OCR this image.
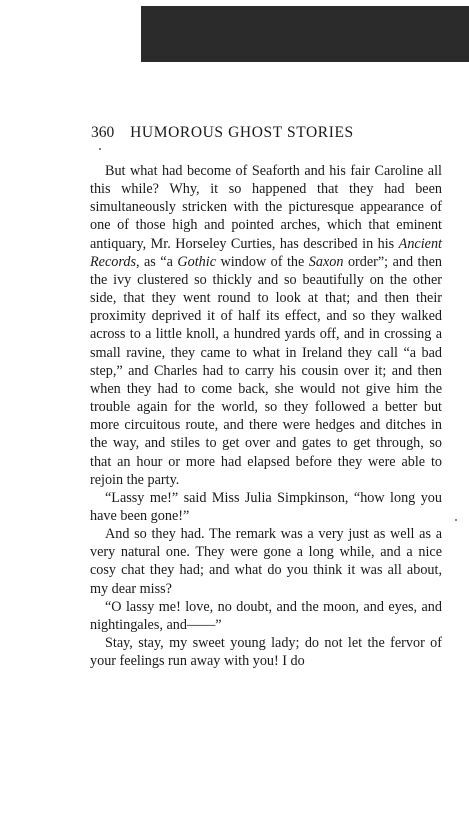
360 HUMOROUS GHOST STORIES

But what had become of Seaforth and his fair Caroline all this while? Why, it so happened that they had been simultaneously stricken with the picturesque appearance of one of those high and pointed arches, which that eminent antiquary, Mr. Horseley Curties, has described in his Ancient Records, as “a Gothic window of the Saxon order”; and then the ivy clustered so thickly and so beautifully on the other side, that they went round to look at that; and then their proximity deprived it of half its effect, and so they walked across to a little knoll, a hundred yards off, and in crossing a small ravine, they came to what in Ireland they call “a bad step,” and Charles had to carry his cousin over it; and then when they had to come back, she would not give him the trouble again for the world, so they followed a better but more circuitous route, and there were hedges and ditches in the way, and stiles to get over and gates to get through, so that an hour or more had elapsed before they were able to rejoin the party.

“Lassy me!” said Miss Julia Simpkinson, “how long you have been gone!”

And so they had. The remark was a very just as well as a very natural one. They were gone a long while, and a nice cosy chat they had; and what do you think it was all about, my dear miss?

“O lassy me! love, no doubt, and the moon, and eyes, and nightingales, and——”

Stay, stay, my sweet young lady; do not let the fervor of your feelings run away with you! I do
